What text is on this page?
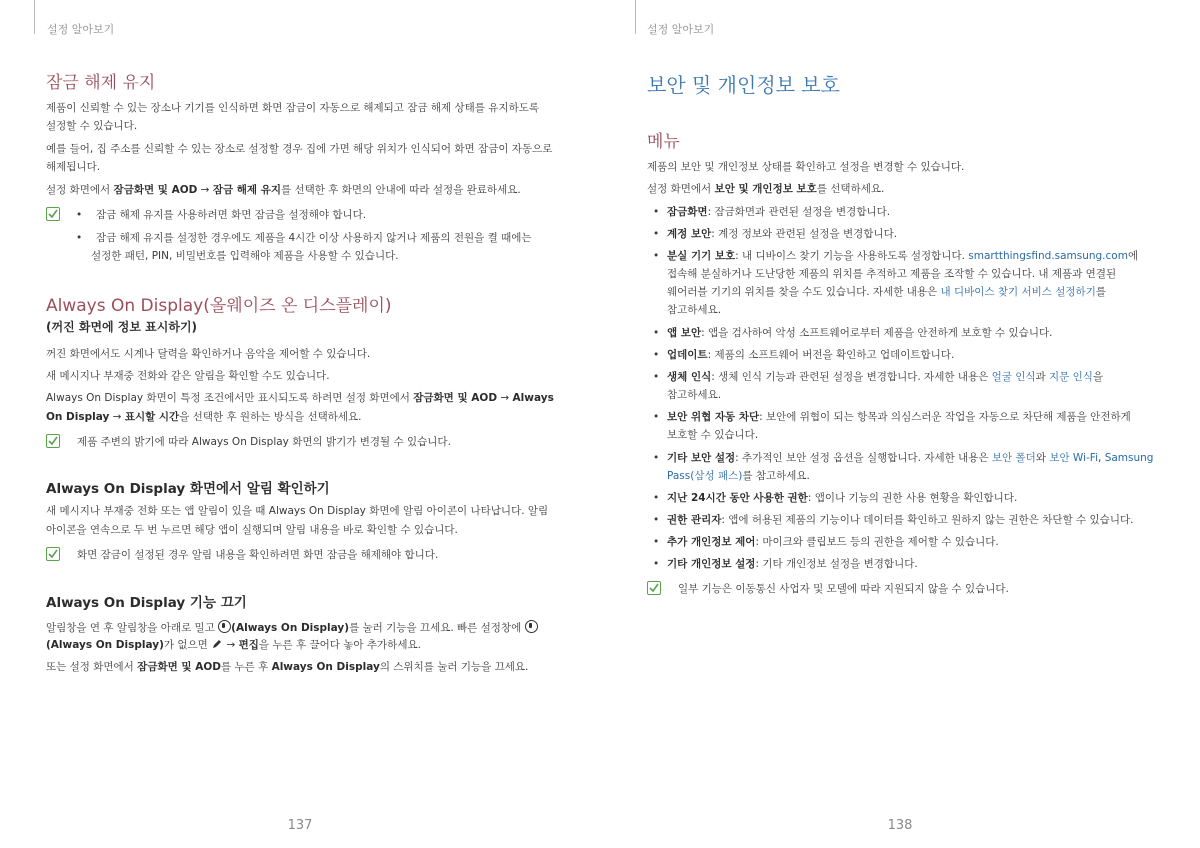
설정 알아보기
잠금 해제 유지

제품이 신뢰할 수 있는 장소나 기기를 인식하면 화면 잠금이 자동으로 해제되고 잠금 해제 상태를 유지하도록

설정할 수 있습니다.

예를 들어, 집 주소를 신뢰할 수 있는 장소로 설정할 경우 집에 가면 해당 위치가 인식되어 화면 잠금이 자동으로

해제됩니다.

설정 화면에서 잠금화면 및 AOD → 잠금 해제 유지를 선택한 후 화면의 안내에 따라 설정을 완료하세요.

• 잠금 해제 유지를 사용하려면 화면 잠금을 설정해야 합니다.
• 잠금 해제 유지를 설정한 경우에도 제품을 4시간 이상 사용하지 않거나 제품의 전원을 켤 때에는

설정한 패턴, PIN, 비밀번호를 입력해야 제품을 사용할 수 있습니다.

Always On Display(올웨이즈 온 디스플레이)

(꺼진 화면에 정보 표시하기)

꺼진 화면에서도 시계나 달력을 확인하거나 음악을 제어할 수 있습니다.

새 메시지나 부재중 전화와 같은 알림을 확인할 수도 있습니다.

Always On Display 화면이 특정 조건에서만 표시되도록 하려면 설정 화면에서 잠금화면 및 AOD → Always

On Display → 표시할 시간을 선택한 후 원하는 방식을 선택하세요.

제품 주변의 밝기에 따라 Always On Display 화면의 밝기가 변경될 수 있습니다.

Always On Display 화면에서 알림 확인하기

새 메시지나 부재중 전화 또는 앱 알림이 있을 때 Always On Display 화면에 알림 아이콘이 나타납니다. 알림

아이콘을 연속으로 두 번 누르면 해당 앱이 실행되며 알림 내용을 바로 확인할 수 있습니다.

화면 잠금이 설정된 경우 알림 내용을 확인하려면 화면 잠금을 해제해야 합니다.

Always On Display 기능 끄기

알림창을 연 후 알림창을 아래로 밀고 (Always On Display)를 눌러 기능을 끄세요. 빠른 설정창에

(Always On Display)가 없으면  → 편집을 누른 후 끌어다 놓아 추가하세요.

또는 설정 화면에서 잠금화면 및 AOD를 누른 후 Always On Display의 스위치를 눌러 기능을 끄세요.

137
설정 알아보기
보안 및 개인정보 보호
메뉴

제품의 보안 및 개인정보 상태를 확인하고 설정을 변경할 수 있습니다.

설정 화면에서 보안 및 개인정보 보호를 선택하세요.

• 잠금화면: 잠금화면과 관련된 설정을 변경합니다.
• 계정 보안: 계정 정보와 관련된 설정을 변경합니다.
• 분실 기기 보호: 내 디바이스 찾기 기능을 사용하도록 설정합니다. smartthingsfind.samsung.com에

접속해 분실하거나 도난당한 제품의 위치를 추적하고 제품을 조작할 수 있습니다. 내 제품과 연결된

웨어러블 기기의 위치를 찾을 수도 있습니다. 자세한 내용은 내 디바이스 찾기 서비스 설정하기를

참고하세요.

• 앱 보안: 앱을 검사하여 악성 소프트웨어로부터 제품을 안전하게 보호할 수 있습니다.
• 업데이트: 제품의 소프트웨어 버전을 확인하고 업데이트합니다.
• 생체 인식: 생체 인식 기능과 관련된 설정을 변경합니다. 자세한 내용은 얼굴 인식과 지문 인식을

참고하세요.

• 보안 위협 자동 차단: 보안에 위협이 되는 항목과 의심스러운 작업을 자동으로 차단해 제품을 안전하게

보호할 수 있습니다.

• 기타 보안 설정: 추가적인 보안 설정 옵션을 실행합니다. 자세한 내용은 보안 폴더와 보안 Wi-Fi, Samsung

Pass(삼성 패스)를 참고하세요.

• 지난 24시간 동안 사용한 권한: 앱이나 기능의 권한 사용 현황을 확인합니다.
• 권한 관리자: 앱에 허용된 제품의 기능이나 데이터를 확인하고 원하지 않는 권한은 차단할 수 있습니다.
• 추가 개인정보 제어: 마이크와 클립보드 등의 권한을 제어할 수 있습니다.
• 기타 개인정보 설정: 기타 개인정보 설정을 변경합니다.

일부 기능은 이동통신 사업자 및 모델에 따라 지원되지 않을 수 있습니다.

138
